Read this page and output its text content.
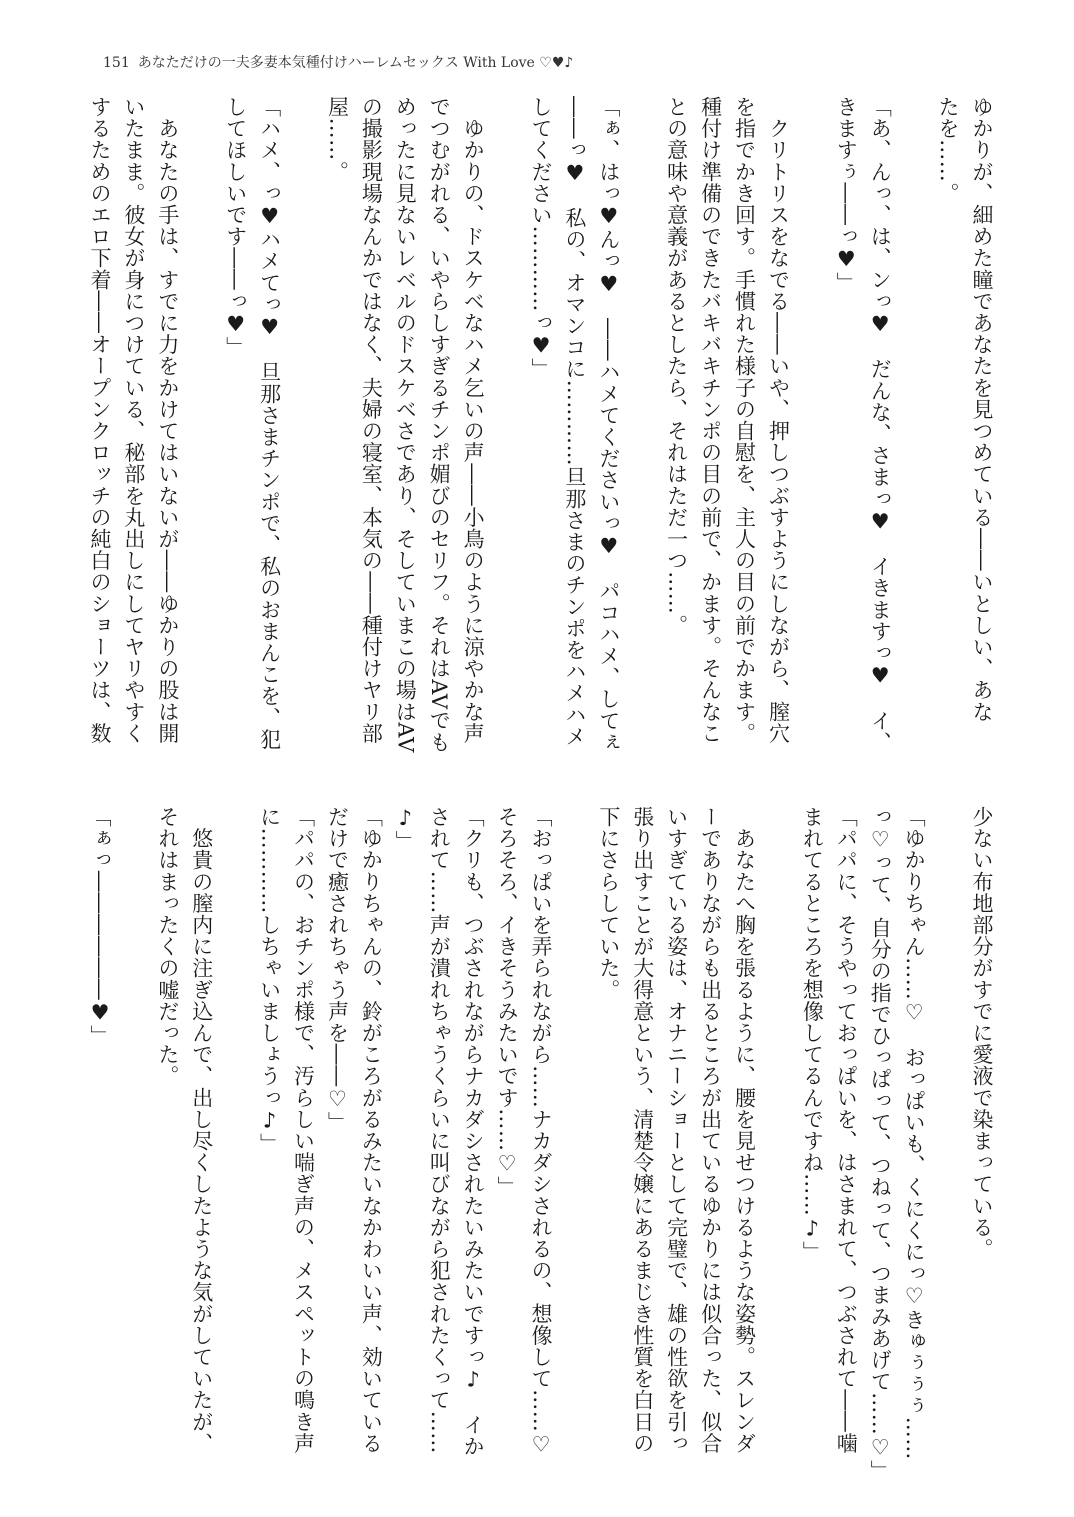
151 あなただけの一夫多妻本気種付けハーレムセックス With Love ♡♥♪
ゆかりが、細めた瞳であなたを見つめている――いとしい、あな
たを……。
「あ、んっ、は、ンっ♥　だんな、さまっ♥　イきますっ♥　イ、
きますぅ――っ♥」
　クリトリスをなでる――いや、押しつぶすようにしながら、膣穴
を指でかき回す。手慣れた様子の自慰を、主人の目の前でかます。
種付け準備のできたバキバキチンポの目の前で、かます。そんなこ
との意味や意義があるとしたら、それはただ一つ……。
「ぁ、はっ♥んっ♥　――ハメてくださいっ♥　パコハメ、してぇ
――っ♥　私の、オマンコに…………旦那さまのチンポをハメハメ
してください…………っ♥」
　ゆかりの、ドスケベなハメ乞いの声――小鳥のように涼やかな声
でつむがれる、いやらしすぎるチンポ媚びのセリフ。それはAVでも
めったに見ないレベルのドスケベさであり、そしていまこの場はAV
の撮影現場なんかではなく、夫婦の寝室、本気の――種付けヤリ部
屋……。
「ハメ、っ♥ハメてっ♥　旦那さまチンポで、私のおまんこを、犯
してほしいです――っ♥」
　あなたの手は、すでに力をかけてはいないが――ゆかりの股は開
いたまま。彼女が身につけている、秘部を丸出しにしてヤリやすく
するためのエロ下着――オープンクロッチの純白のショーツは、数
少ない布地部分がすでに愛液で染まっている。
「ゆかりちゃん……♡　おっぱいも、くにくにっ♡きゅぅぅぅ……
っ♡って、自分の指でひっぱって、つねって、つまみあげて……♡」
「パパに、そうやっておっぱいを、はさまれて、つぶされて――噛
まれてるところを想像してるんですね……♪」
　あなたへ胸を張るように、腰を見せつけるような姿勢。スレンダ
ーでありながらも出るところが出ているゆかりには似合った、似合
いすぎている姿は、オナニーショーとして完璧で、雄の性欲を引っ
張り出すことが大得意という、清楚令嬢にあるまじき性質を白日の
下にさらしていた。
「おっぱいを弄られながら……ナカダシされるの、想像して……♡
そろそろ、イきそうみたいです……♡」
「クリも、つぶされながらナカダシされたいみたいですっ♪　イか
されて……声が潰れちゃうくらいに叫びながら犯されたくって……
♪」
「ゆかりちゃんの、鈴がころがるみたいなかわいい声、効いている
だけで癒されちゃう声を――♡」
「パパの、おチンポ様で、汚らしい喘ぎ声の、メスペットの鳴き声
に…………しちゃいましょうっ♪」
　悠貴の膣内に注ぎ込んで、出し尽くしたような気がしていたが、
それはまったくの嘘だった。
「ぁっ――――――♥」
